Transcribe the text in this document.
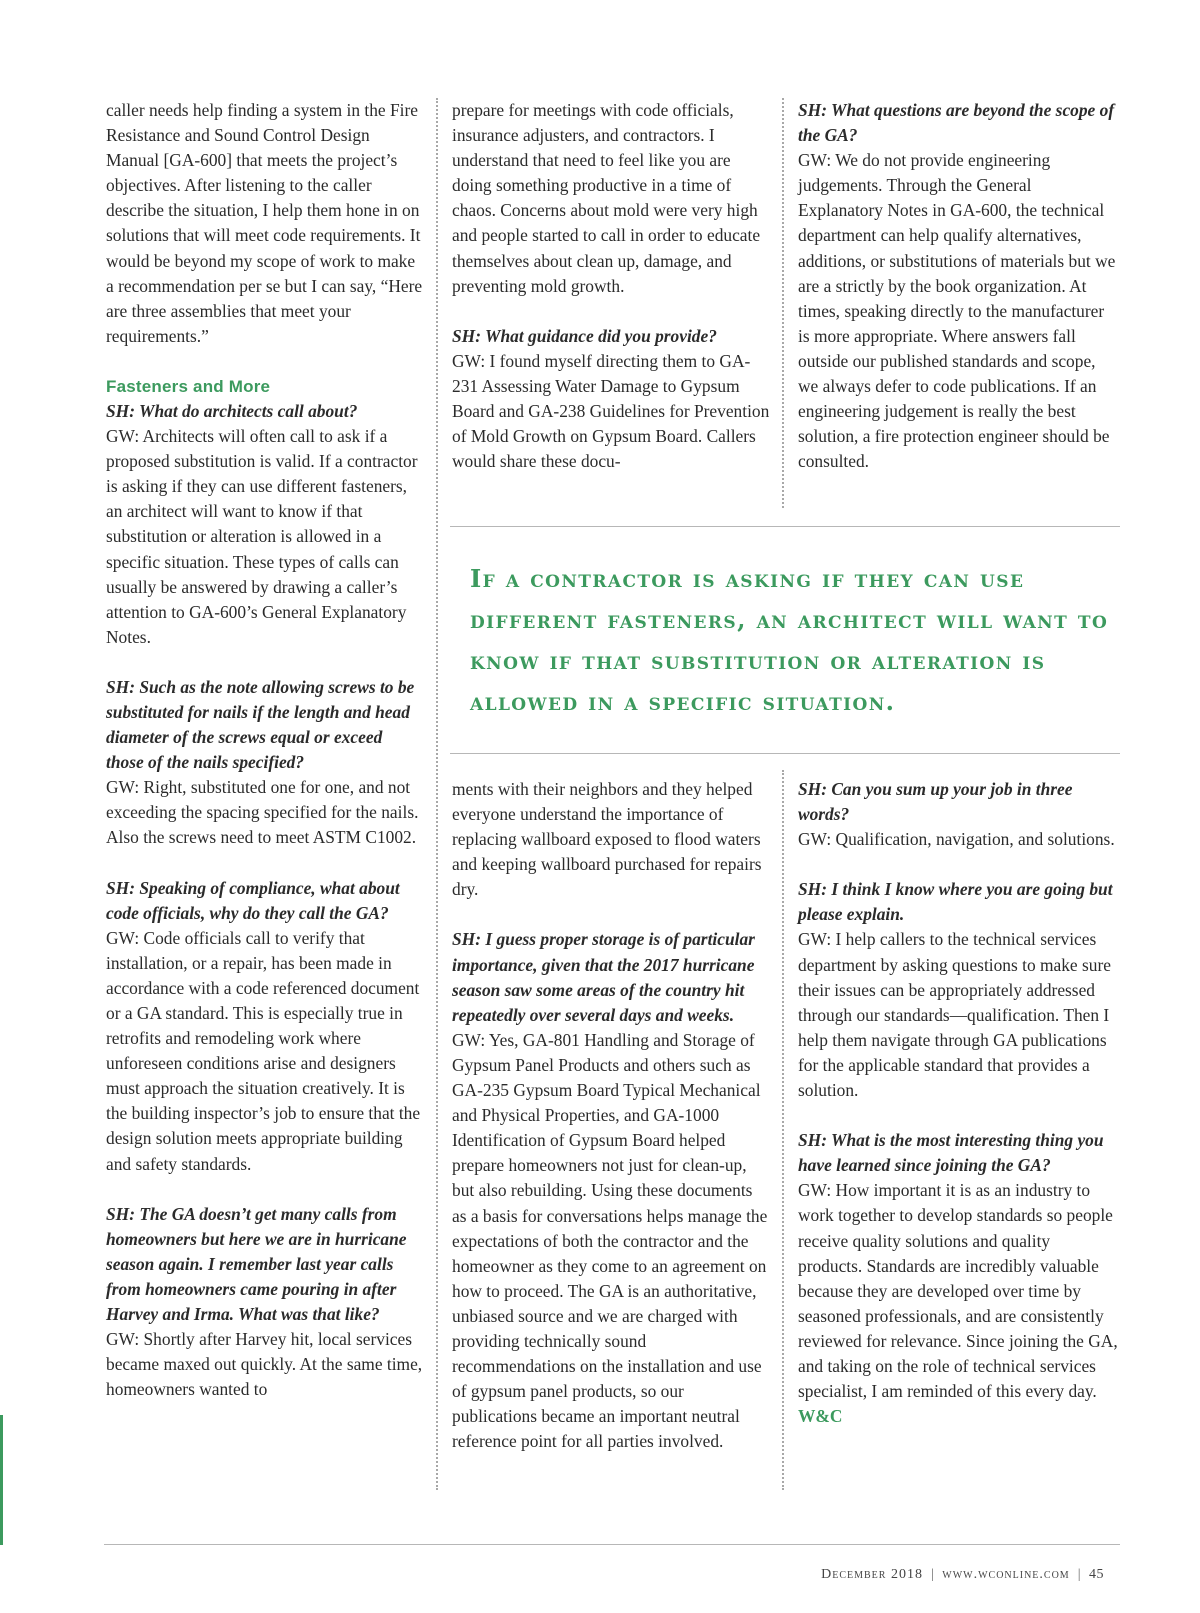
caller needs help finding a system in the Fire Resistance and Sound Control Design Manual [GA-600] that meets the project’s objectives. After listening to the caller describe the situation, I help them hone in on solutions that will meet code requirements. It would be beyond my scope of work to make a recommendation per se but I can say, “Here are three assemblies that meet your requirements.”

Fasteners and More
SH: What do architects call about?
GW: Architects will often call to ask if a proposed substitution is valid. If a contractor is asking if they can use different fasteners, an architect will want to know if that substitution or alteration is allowed in a specific situation. These types of calls can usually be answered by drawing a caller’s attention to GA-600’s General Explanatory Notes.

SH: Such as the note allowing screws to be substituted for nails if the length and head diameter of the screws equal or exceed those of the nails specified?
GW: Right, substituted one for one, and not exceeding the spacing specified for the nails. Also the screws need to meet ASTM C1002.

SH: Speaking of compliance, what about code officials, why do they call the GA?
GW: Code officials call to verify that installation, or a repair, has been made in accordance with a code referenced document or a GA standard. This is especially true in retrofits and remodeling work where unforeseen conditions arise and designers must approach the situation creatively. It is the building inspector’s job to ensure that the design solution meets appropriate building and safety standards.

SH: The GA doesn’t get many calls from homeowners but here we are in hurricane season again. I remember last year calls from homeowners came pouring in after Harvey and Irma. What was that like?
GW: Shortly after Harvey hit, local services became maxed out quickly. At the same time, homeowners wanted to

prepare for meetings with code officials, insurance adjusters, and contractors. I understand that need to feel like you are doing something productive in a time of chaos. Concerns about mold were very high and people started to call in order to educate themselves about clean up, damage, and preventing mold growth.

SH: What guidance did you provide?
GW: I found myself directing them to GA-231 Assessing Water Damage to Gypsum Board and GA-238 Guidelines for Prevention of Mold Growth on Gypsum Board. Callers would share these docu-

SH: What questions are beyond the scope of the GA?
GW: We do not provide engineering judgements. Through the General Explanatory Notes in GA-600, the technical department can help qualify alternatives, additions, or substitutions of materials but we are a strictly by the book organization. At times, speaking directly to the manufacturer is more appropriate. Where answers fall outside our published standards and scope, we always defer to code publications. If an engineering judgement is really the best solution, a fire protection engineer should be consulted.

If a contractor is asking if they can use different fasteners, an architect will want to know if that substitution or alteration is allowed in a specific situation.

ments with their neighbors and they helped everyone understand the importance of replacing wallboard exposed to flood waters and keeping wallboard purchased for repairs dry.

SH: I guess proper storage is of particular importance, given that the 2017 hurricane season saw some areas of the country hit repeatedly over several days and weeks.
GW: Yes, GA-801 Handling and Storage of Gypsum Panel Products and others such as GA-235 Gypsum Board Typical Mechanical and Physical Properties, and GA-1000 Identification of Gypsum Board helped prepare homeowners not just for clean-up, but also rebuilding. Using these documents as a basis for conversations helps manage the expectations of both the contractor and the homeowner as they come to an agreement on how to proceed. The GA is an authoritative, unbiased source and we are charged with providing technically sound recommendations on the installation and use of gypsum panel products, so our publications became an important neutral reference point for all parties involved.

SH: Can you sum up your job in three words?
GW: Qualification, navigation, and solutions.

SH: I think I know where you are going but please explain.
GW: I help callers to the technical services department by asking questions to make sure their issues can be appropriately addressed through our standards—qualification. Then I help them navigate through GA publications for the applicable standard that provides a solution.

SH: What is the most interesting thing you have learned since joining the GA?
GW: How important it is as an industry to work together to develop standards so people receive quality solutions and quality products. Standards are incredibly valuable because they are developed over time by seasoned professionals, and are consistently reviewed for relevance. Since joining the GA, and taking on the role of technical services specialist, I am reminded of this every day. W&C

December 2018 | www.wconline.com | 45
